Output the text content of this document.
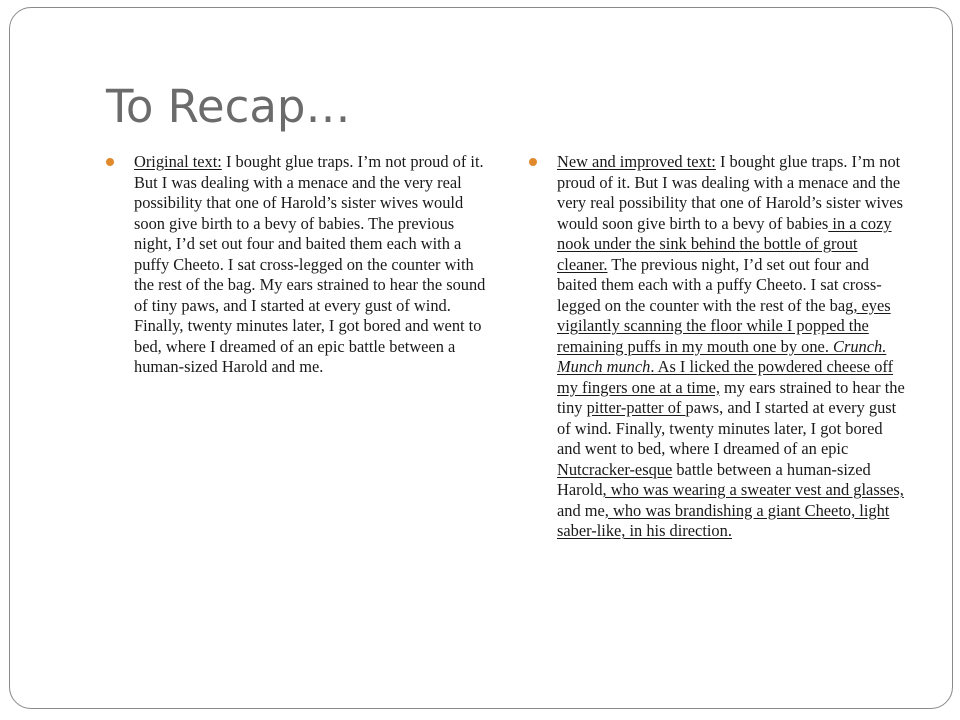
To Recap…

Original text: I bought glue traps. I’m not proud of it. But I was dealing with a menace and the very real possibility that one of Harold’s sister wives would soon give birth to a bevy of babies. The previous night, I’d set out four and baited them each with a puffy Cheeto. I sat cross-legged on the counter with the rest of the bag. My ears strained to hear the sound of tiny paws, and I started at every gust of wind. Finally, twenty minutes later, I got bored and went to bed, where I dreamed of an epic battle between a human-sized Harold and me.

New and improved text: I bought glue traps. I’m not proud of it. But I was dealing with a menace and the very real possibility that one of Harold’s sister wives would soon give birth to a bevy of babies in a cozy nook under the sink behind the bottle of grout cleaner. The previous night, I’d set out four and baited them each with a puffy Cheeto. I sat cross-legged on the counter with the rest of the bag, eyes vigilantly scanning the floor while I popped the remaining puffs in my mouth one by one. Crunch. Munch munch. As I licked the powdered cheese off my fingers one at a time, my ears strained to hear the tiny pitter-patter of paws, and I started at every gust of wind. Finally, twenty minutes later, I got bored and went to bed, where I dreamed of an epic Nutcracker-esque battle between a human-sized Harold, who was wearing a sweater vest and glasses, and me, who was brandishing a giant Cheeto, light saber-like, in his direction.
